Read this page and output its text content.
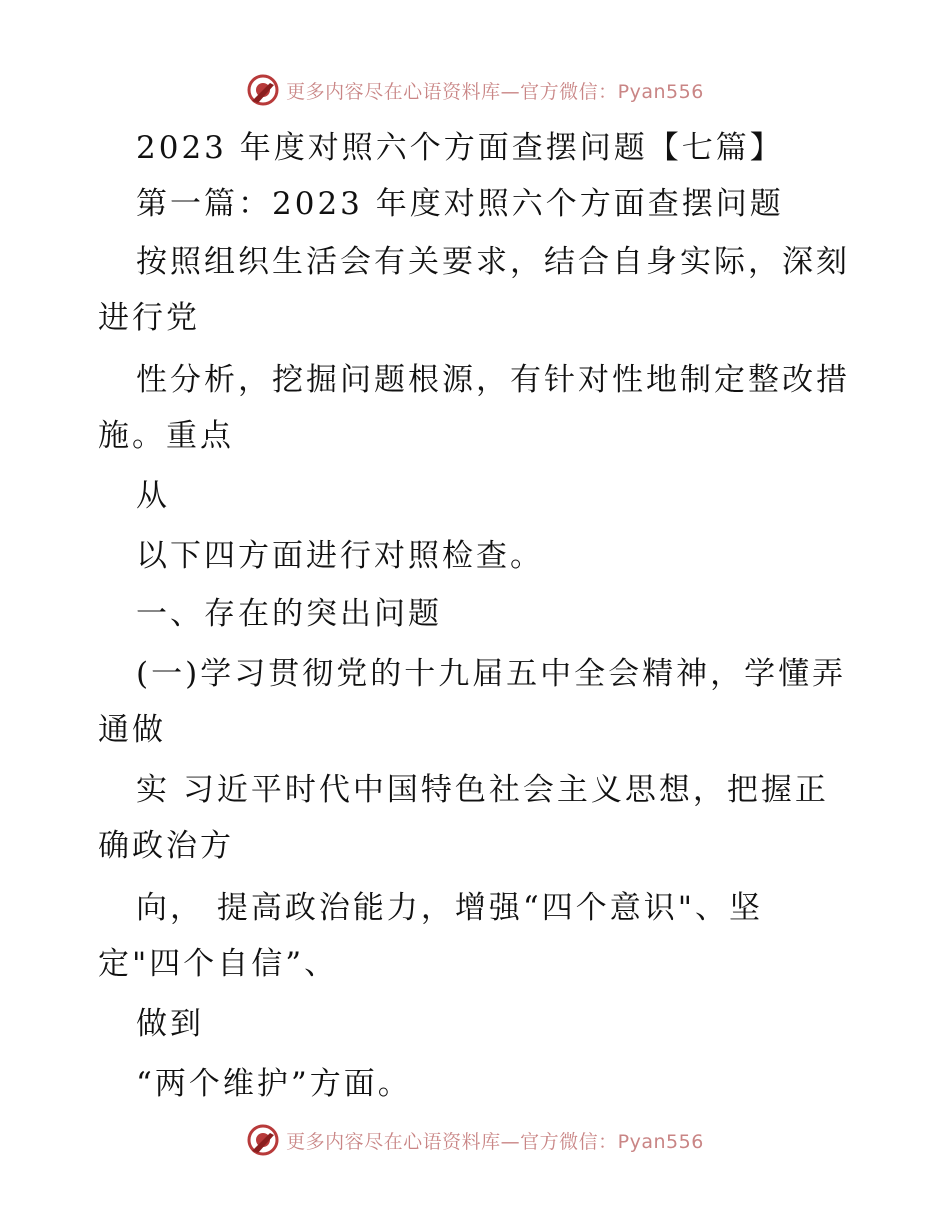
更多内容尽在心语资料库—官方微信：Pyan556
2023 年度对照六个方面查摆问题【七篇】
第一篇：2023 年度对照六个方面查摆问题
按照组织生活会有关要求，结合自身实际，深刻
进行党
性分析，挖掘问题根源，有针对性地制定整改措
施。重点
从
以下四方面进行对照检查。
一、存在的突出问题
(一)学习贯彻党的十九届五中全会精神，学懂弄
通做
实 习近平时代中国特色社会主义思想，把握正
确政治方
向， 提高政治能力，增强“四个意识"、坚
定"四个自信”、
做到
“两个维护”方面。
更多内容尽在心语资料库—官方微信：Pyan556
